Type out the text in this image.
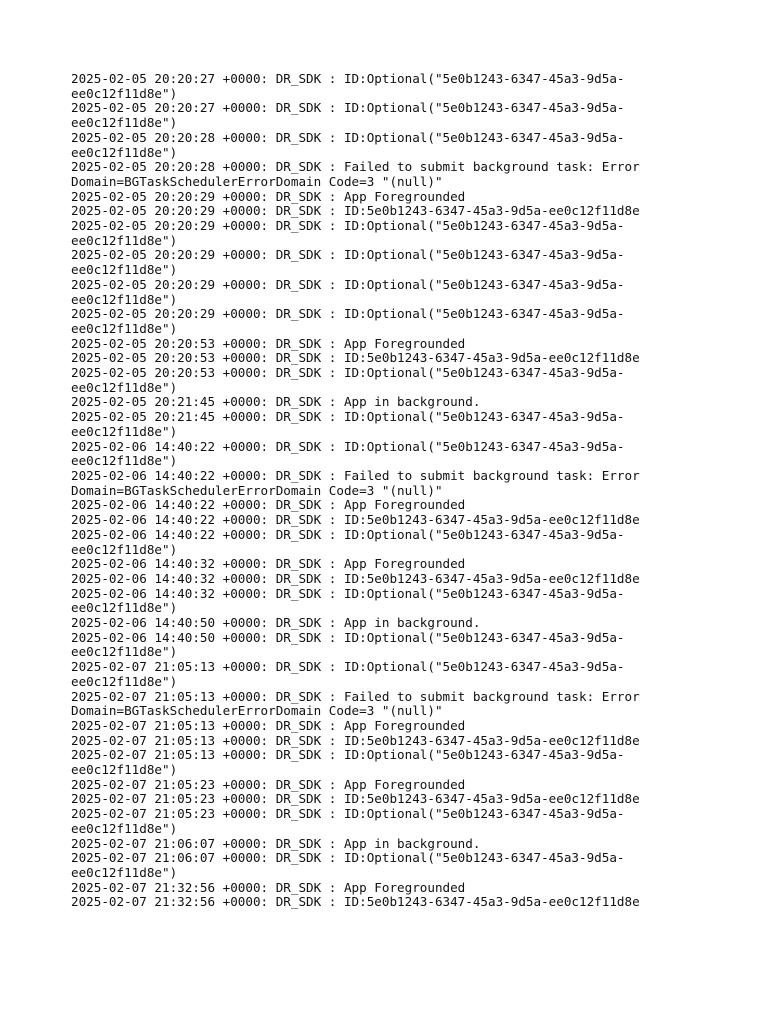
2025-02-05 20:20:27 +0000: DR_SDK : ID:Optional("5e0b1243-6347-45a3-9d5a-
ee0c12f11d8e")
2025-02-05 20:20:27 +0000: DR_SDK : ID:Optional("5e0b1243-6347-45a3-9d5a-
ee0c12f11d8e")
2025-02-05 20:20:28 +0000: DR_SDK : ID:Optional("5e0b1243-6347-45a3-9d5a-
ee0c12f11d8e")
2025-02-05 20:20:28 +0000: DR_SDK : Failed to submit background task: Error
Domain=BGTaskSchedulerErrorDomain Code=3 "(null)"
2025-02-05 20:20:29 +0000: DR_SDK : App Foregrounded
2025-02-05 20:20:29 +0000: DR_SDK : ID:5e0b1243-6347-45a3-9d5a-ee0c12f11d8e
2025-02-05 20:20:29 +0000: DR_SDK : ID:Optional("5e0b1243-6347-45a3-9d5a-
ee0c12f11d8e")
2025-02-05 20:20:29 +0000: DR_SDK : ID:Optional("5e0b1243-6347-45a3-9d5a-
ee0c12f11d8e")
2025-02-05 20:20:29 +0000: DR_SDK : ID:Optional("5e0b1243-6347-45a3-9d5a-
ee0c12f11d8e")
2025-02-05 20:20:29 +0000: DR_SDK : ID:Optional("5e0b1243-6347-45a3-9d5a-
ee0c12f11d8e")
2025-02-05 20:20:53 +0000: DR_SDK : App Foregrounded
2025-02-05 20:20:53 +0000: DR_SDK : ID:5e0b1243-6347-45a3-9d5a-ee0c12f11d8e
2025-02-05 20:20:53 +0000: DR_SDK : ID:Optional("5e0b1243-6347-45a3-9d5a-
ee0c12f11d8e")
2025-02-05 20:21:45 +0000: DR_SDK : App in background.
2025-02-05 20:21:45 +0000: DR_SDK : ID:Optional("5e0b1243-6347-45a3-9d5a-
ee0c12f11d8e")
2025-02-06 14:40:22 +0000: DR_SDK : ID:Optional("5e0b1243-6347-45a3-9d5a-
ee0c12f11d8e")
2025-02-06 14:40:22 +0000: DR_SDK : Failed to submit background task: Error
Domain=BGTaskSchedulerErrorDomain Code=3 "(null)"
2025-02-06 14:40:22 +0000: DR_SDK : App Foregrounded
2025-02-06 14:40:22 +0000: DR_SDK : ID:5e0b1243-6347-45a3-9d5a-ee0c12f11d8e
2025-02-06 14:40:22 +0000: DR_SDK : ID:Optional("5e0b1243-6347-45a3-9d5a-
ee0c12f11d8e")
2025-02-06 14:40:32 +0000: DR_SDK : App Foregrounded
2025-02-06 14:40:32 +0000: DR_SDK : ID:5e0b1243-6347-45a3-9d5a-ee0c12f11d8e
2025-02-06 14:40:32 +0000: DR_SDK : ID:Optional("5e0b1243-6347-45a3-9d5a-
ee0c12f11d8e")
2025-02-06 14:40:50 +0000: DR_SDK : App in background.
2025-02-06 14:40:50 +0000: DR_SDK : ID:Optional("5e0b1243-6347-45a3-9d5a-
ee0c12f11d8e")
2025-02-07 21:05:13 +0000: DR_SDK : ID:Optional("5e0b1243-6347-45a3-9d5a-
ee0c12f11d8e")
2025-02-07 21:05:13 +0000: DR_SDK : Failed to submit background task: Error
Domain=BGTaskSchedulerErrorDomain Code=3 "(null)"
2025-02-07 21:05:13 +0000: DR_SDK : App Foregrounded
2025-02-07 21:05:13 +0000: DR_SDK : ID:5e0b1243-6347-45a3-9d5a-ee0c12f11d8e
2025-02-07 21:05:13 +0000: DR_SDK : ID:Optional("5e0b1243-6347-45a3-9d5a-
ee0c12f11d8e")
2025-02-07 21:05:23 +0000: DR_SDK : App Foregrounded
2025-02-07 21:05:23 +0000: DR_SDK : ID:5e0b1243-6347-45a3-9d5a-ee0c12f11d8e
2025-02-07 21:05:23 +0000: DR_SDK : ID:Optional("5e0b1243-6347-45a3-9d5a-
ee0c12f11d8e")
2025-02-07 21:06:07 +0000: DR_SDK : App in background.
2025-02-07 21:06:07 +0000: DR_SDK : ID:Optional("5e0b1243-6347-45a3-9d5a-
ee0c12f11d8e")
2025-02-07 21:32:56 +0000: DR_SDK : App Foregrounded
2025-02-07 21:32:56 +0000: DR_SDK : ID:5e0b1243-6347-45a3-9d5a-ee0c12f11d8e
